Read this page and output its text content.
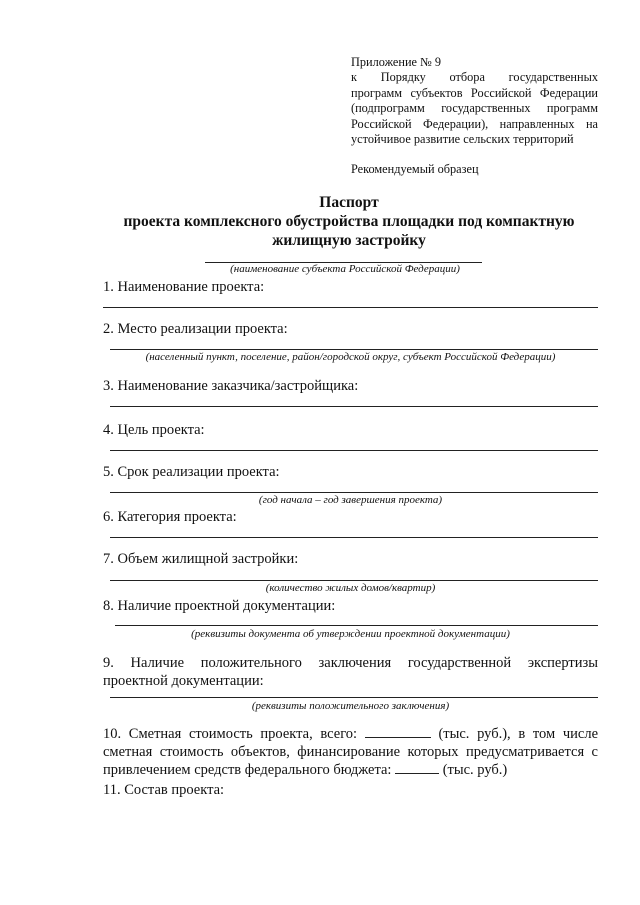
Приложение № 9
к Порядку отбора государственных
программ субъектов Российской Федерации
(подпрограмм государственных программ
Российской Федерации), направленных на
устойчивое развитие сельских территорий
Рекомендуемый образец
Паспорт
проекта комплексного обустройства площадки под компактную
жилищную застройку
(наименование субъекта Российской Федерации)
1. Наименование проекта:
2. Место реализации проекта:
(населенный пункт, поселение, район/городской округ, субъект Российской Федерации)
3. Наименование заказчика/застройщика:
4. Цель проекта:
5. Срок реализации проекта:
(год начала – год завершения проекта)
6. Категория проекта:
7. Объем жилищной застройки:
(количество жилых домов/квартир)
8. Наличие проектной документации:
(реквизиты документа об утверждении проектной документации)
9. Наличие положительного заключения государственной экспертизы проектной документации:
(реквизиты положительного заключения)
10. Сметная стоимость проекта, всего:	(тыс. руб.), в том числе сметная стоимость объектов, финансирование которых предусматривается с привлечением средств федерального бюджета:	(тыс. руб.)
11. Состав проекта:
